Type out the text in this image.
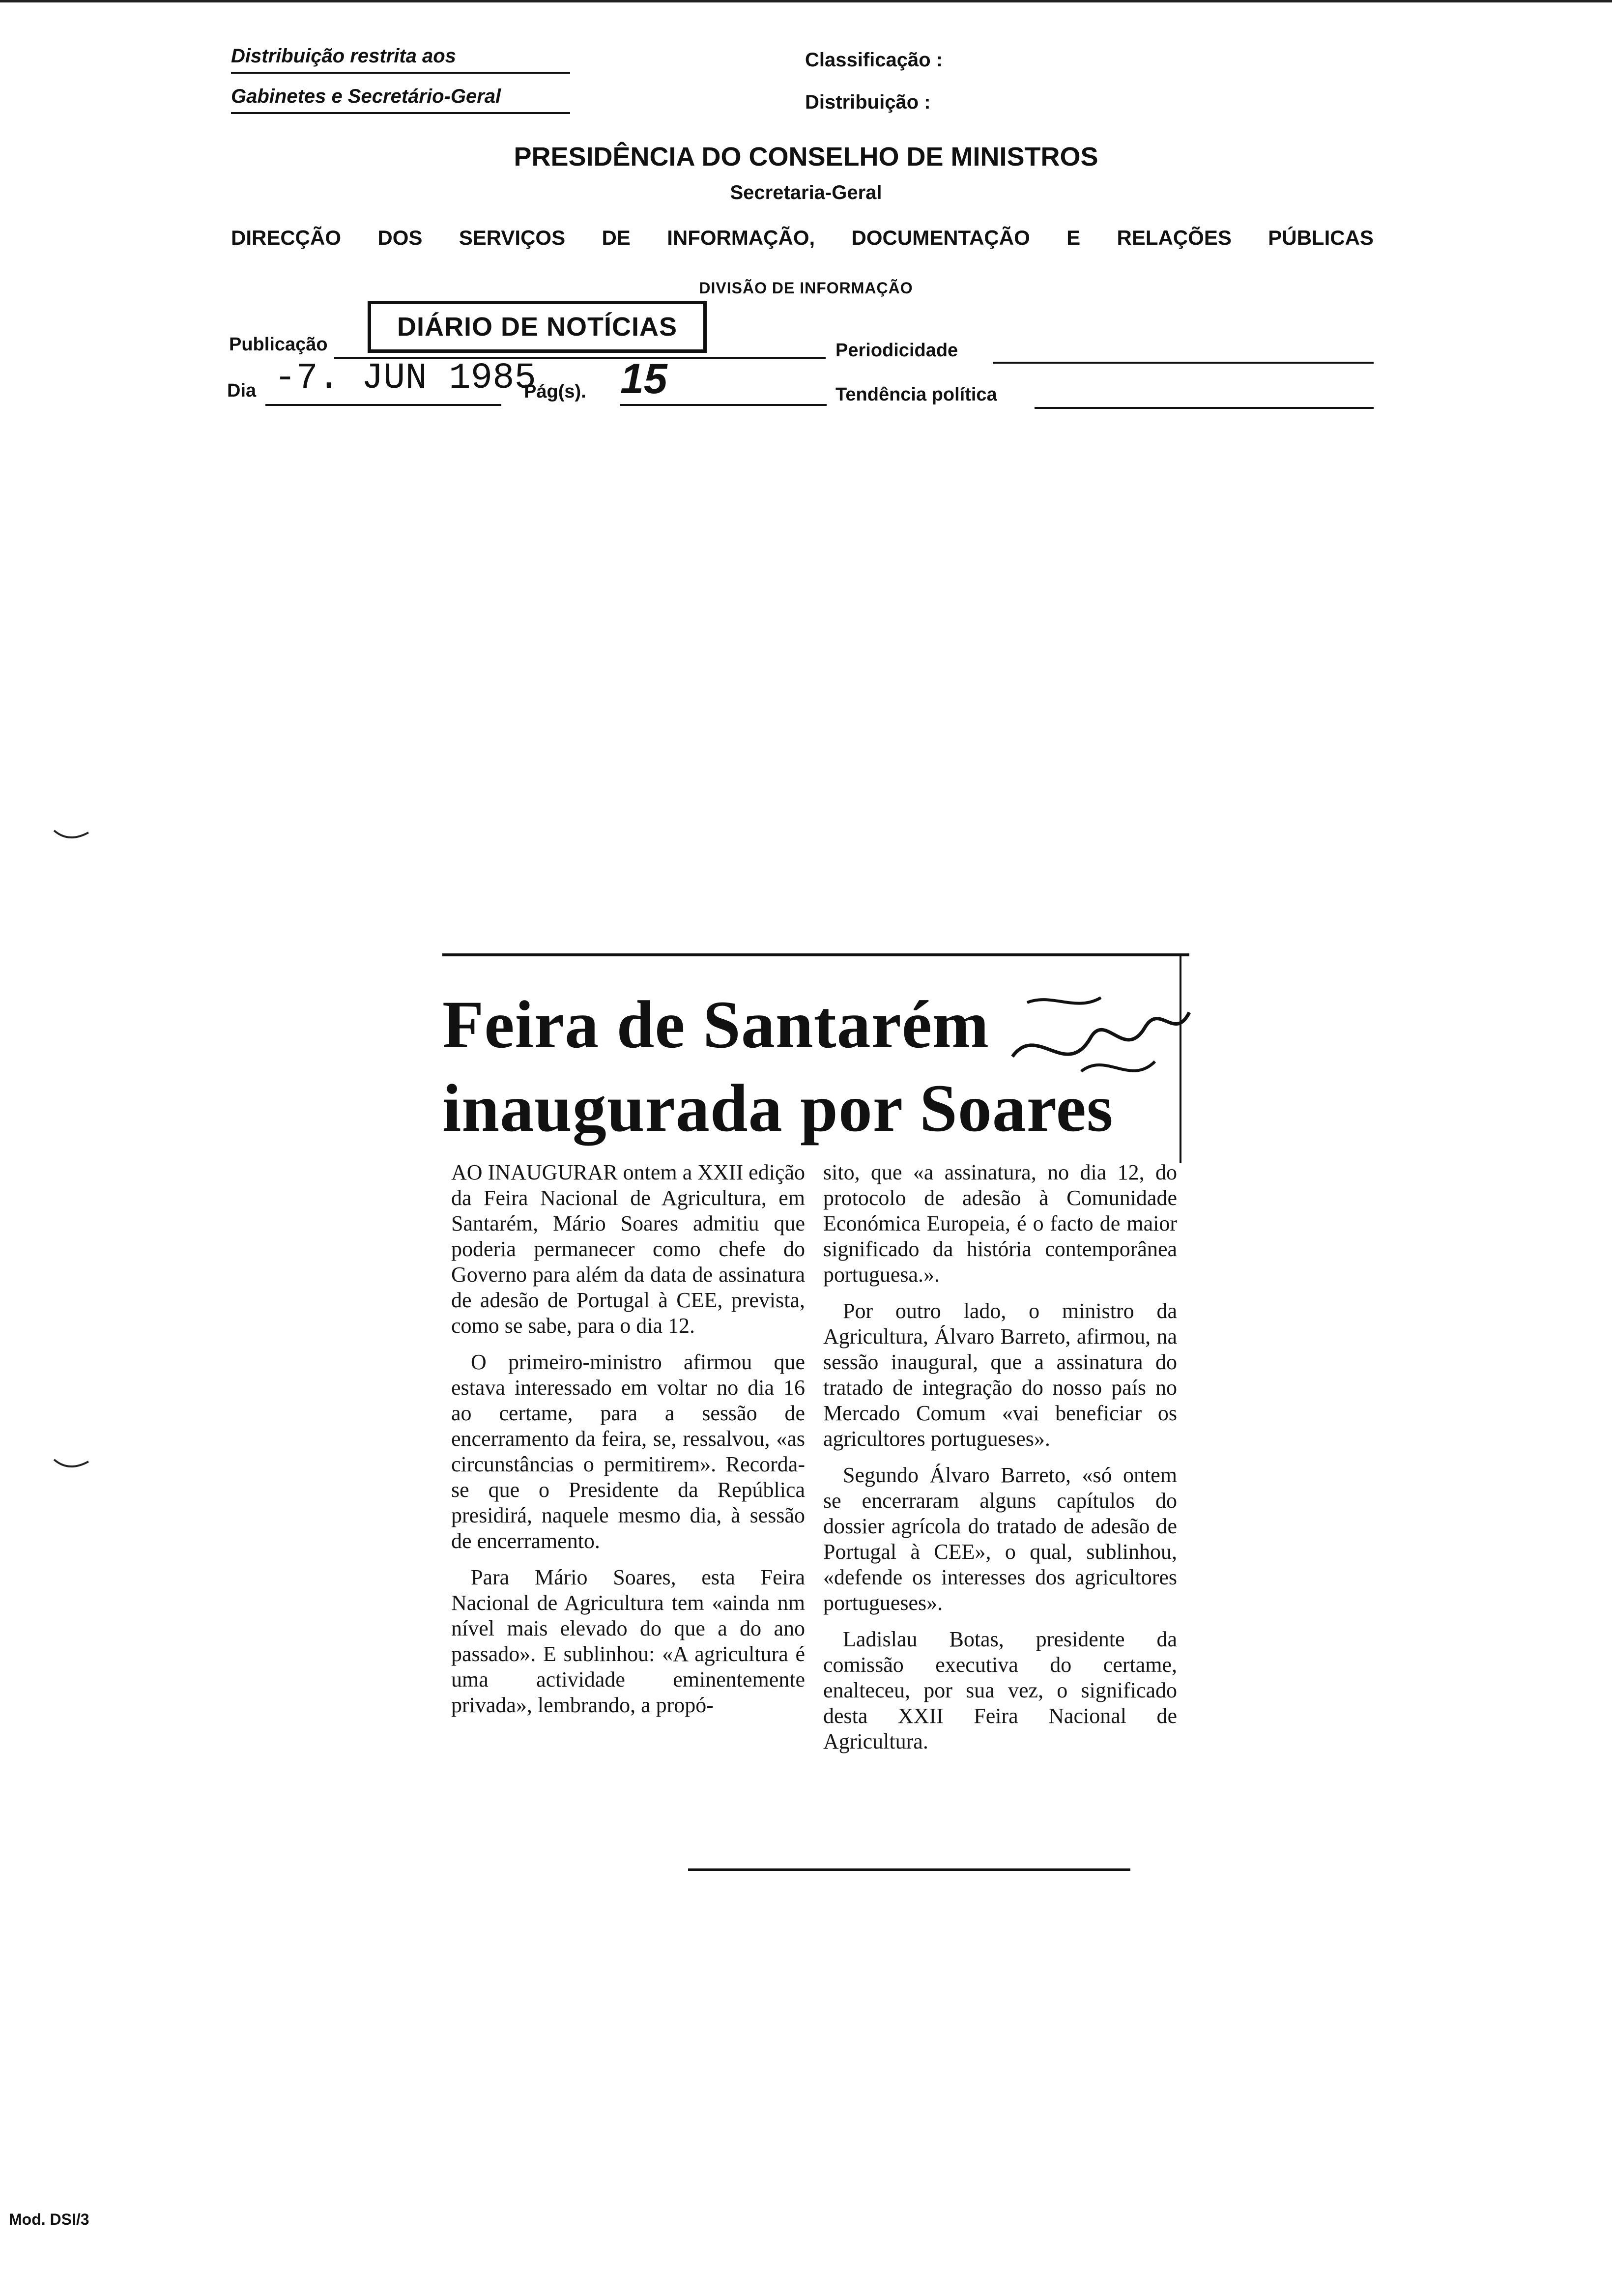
Distribuição restrita aos
Gabinetes e Secretário-Geral
Classificação :
Distribuição :
PRESIDÊNCIA DO CONSELHO DE MINISTROS
Secretaria-Geral
DIRECÇÃO DOS SERVIÇOS DE INFORMAÇÃO, DOCUMENTAÇÃO E RELAÇÕES PÚBLICAS
DIVISÃO DE INFORMAÇÃO
Publicação
DIÁRIO DE NOTÍCIAS
Periodicidade
Dia -7. JUN 1985
Pág(s). 15	Tendência política
Feira de Santarém
inaugurada por Soares

AO INAUGURAR ontem a XXII edição da Feira Nacional de Agricultura, em Santarém, Mário Soares admitiu que poderia permanecer como chefe do Governo para além da data de assinatura de adesão de Portugal à CEE, prevista, como se sabe, para o dia 12.

O primeiro-ministro afirmou que estava interessado em voltar no dia 16 ao certame, para a sessão de encerramento da feira, se, ressalvou, «as circunstâncias o permitirem». Recorda-se que o Presidente da República presidirá, naquele mesmo dia, à sessão de encerramento.

Para Mário Soares, esta Feira Nacional de Agricultura tem «ainda nm nível mais elevado do que a do ano passado». E sublinhou: «A agricultura é uma actividade eminentemente privada», lembrando, a propó-

sito, que «a assinatura, no dia 12, do protocolo de adesão à Comunidade Económica Europeia, é o facto de maior significado da história contemporânea portuguesa.».

Por outro lado, o ministro da Agricultura, Álvaro Barreto, afirmou, na sessão inaugural, que a assinatura do tratado de integração do nosso país no Mercado Comum «vai beneficiar os agricultores portugueses».

Segundo Álvaro Barreto, «só ontem se encerraram alguns capítulos do dossier agrícola do tratado de adesão de Portugal à CEE», o qual, sublinhou, «defende os interesses dos agricultores portugueses».

Ladislau Botas, presidente da comissão executiva do certame, enalteceu, por sua vez, o significado desta XXII Feira Nacional de Agricultura.

Mod. DSI/3
